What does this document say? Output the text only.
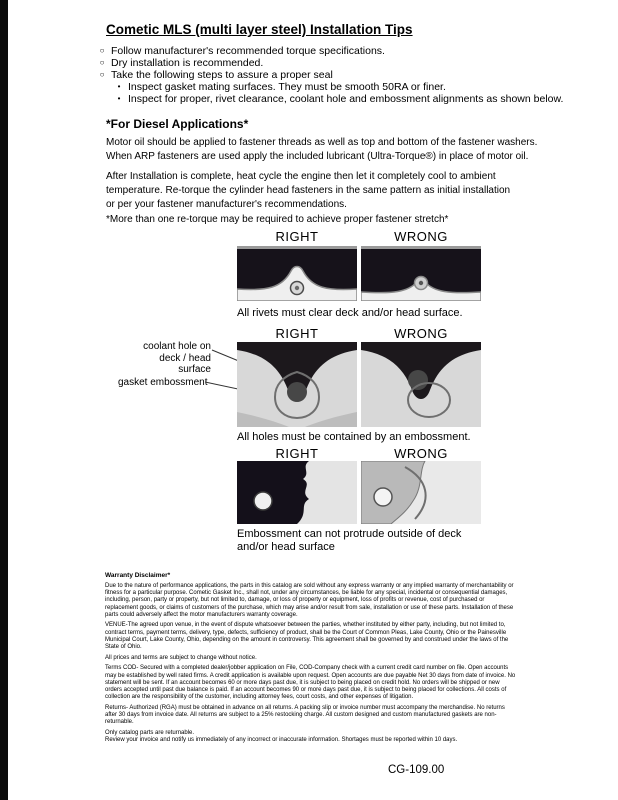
Cometic MLS (multi layer steel) Installation Tips
○ Follow manufacturer's recommended torque specifications.
○ Dry installation is recommended.
○ Take the following steps to assure a proper seal
• Inspect gasket mating surfaces. They must be smooth 50RA or finer.
• Inspect for proper, rivet clearance, coolant hole and embossment alignments as shown below.
*For Diesel Applications*
Motor oil should be applied to fastener threads as well as top and bottom of the fastener washers.
When ARP fasteners are used apply the included lubricant (Ultra-Torque®) in place of motor oil.
After Installation is complete, heat cycle the engine then let it completely cool to ambient
temperature. Re-torque the cylinder head fasteners in the same pattern as initial installation
or per your fastener manufacturer's recommendations.
*More than one re-torque may be required to achieve proper fastener stretch*
RIGHT	WRONG
All rivets must clear deck and/or head surface.
RIGHT	WRONG
coolant hole on
deck / head surface
gasket embossment
All holes must be contained by an embossment.
RIGHT	WRONG
Embossment can not protrude outside of deck and/or head surface
Warranty Disclaimer*

Due to the nature of performance applications, the parts in this catalog are sold without any express warranty or any implied warranty of merchantability or fitness for a particular purpose. Cometic Gasket Inc., shall not, under any circumstances, be liable for any special, incidental or consequential damages, including, person, party or property, but not limited to, damage, or loss of property or equipment, loss of profits or revenue, cost of purchased or replacement goods, or claims of customers of the purchase, which may arise and/or result from sale, installation or use of these parts. Installation of these parts could adversely affect the motor manufacturers warranty coverage.

VENUE-The agreed upon venue, in the event of dispute whatsoever between the parties, whether instituted by either party, including, but not limited to, contract terms, payment terms, delivery, type, defects, sufficiency of product, shall be the Court of Common Pleas, Lake County, Ohio or the Painesville Municipal Court, Lake County, Ohio, depending on the amount in controversy. This agreement shall be governed by and construed under the laws of the State of Ohio.

All prices and terms are subject to change without notice.

Terms COD- Secured with a completed dealer/jobber application on File, COD-Company check with a current credit card number on file. Open accounts may be established by well rated firms. A credit application is available upon request. Open accounts are due payable Net 30 days from date of invoice. No statement will be sent. If an account becomes 60 or more days past due, it is subject to being placed on credit hold. No orders will be shipped or new orders accepted until past due balance is paid. If an account becomes 90 or more days past due, it is subject to being placed for collections. All costs of collection are the responsibility of the customer, including attorney fees, court costs, and other expenses of litigation.

Returns- Authorized (RGA) must be obtained in advance on all returns. A packing slip or invoice number must accompany the merchandise. No returns after 30 days from invoice date. All returns are subject to a 25% restocking charge. All custom designed and custom manufactured gaskets are non-returnable.

Only catalog parts are returnable.

Review your invoice and notify us immediately of any incorrect or inaccurate information. Shortages must be reported within 10 days.

CG-109.00
